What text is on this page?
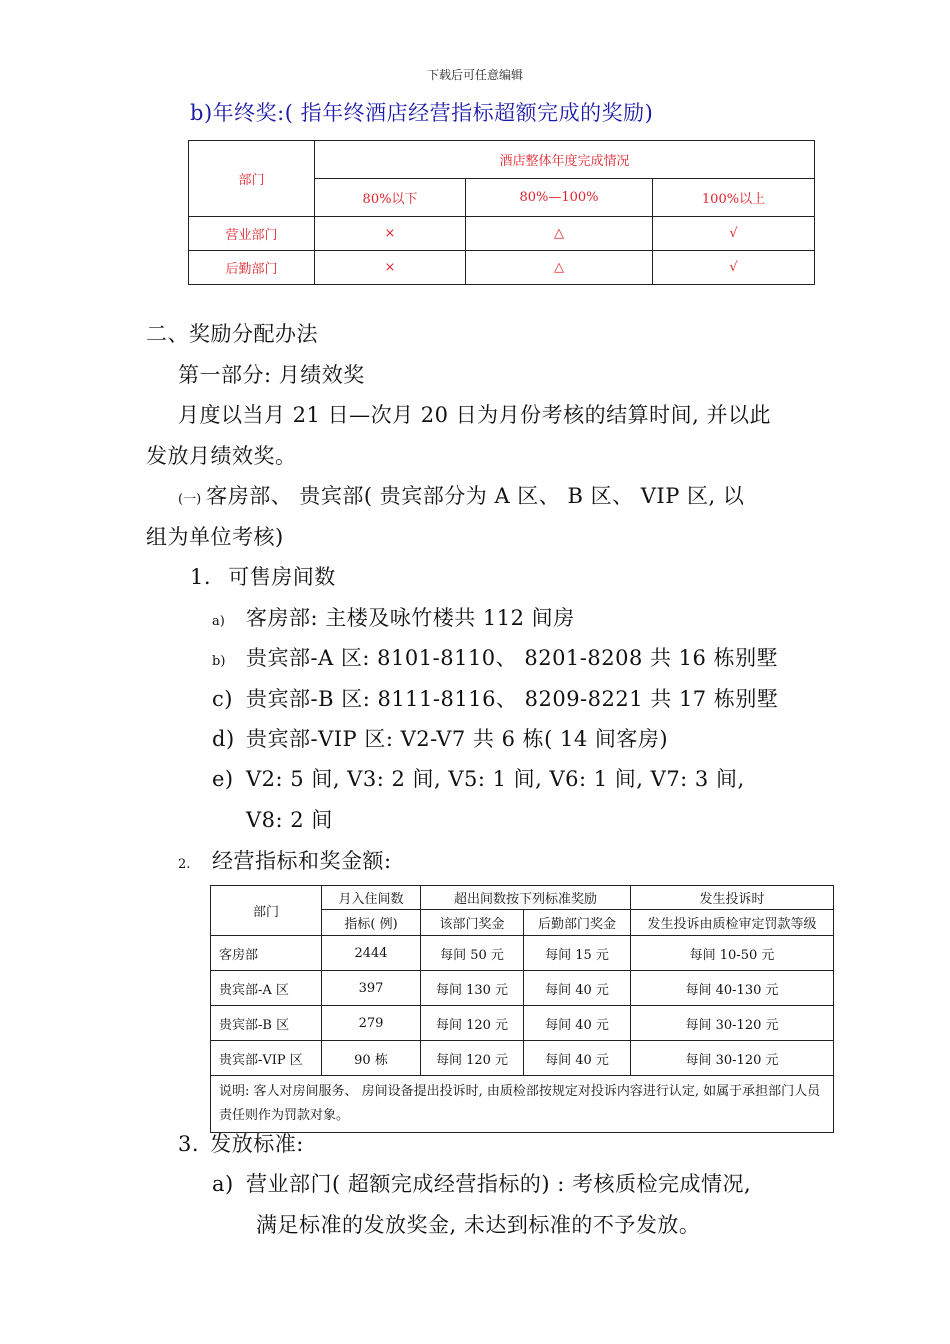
下载后可任意编辑
b)年终奖:( 指年终酒店经营指标超额完成的奖励)
部门	酒店整体年度完成情况		
	80%以下	80%—100%	100%以上
营业部门	×	△	√
后勤部门	×	△	√
二、奖励分配办法
第一部分: 月绩效奖
月度以当月 21 日—次月 20 日为月份考核的结算时间, 并以此
发放月绩效奖。
(一) 客房部、 贵宾部( 贵宾部分为 A 区、 B 区、 VIP 区, 以
组为单位考核)
1. 可售房间数
a) 客房部: 主楼及咏竹楼共 112 间房
b) 贵宾部-A 区: 8101-8110、 8201-8208 共 16 栋别墅
c) 贵宾部-B 区: 8111-8116、 8209-8221 共 17 栋别墅
d) 贵宾部-VIP 区: V2-V7 共 6 栋( 14 间客房)
e) V2: 5 间, V3: 2 间, V5: 1 间, V6: 1 间, V7: 3 间,
V8: 2 间
2. 经营指标和奖金额:
部门	月入住间数	超出间数按下列标准奖励		发生投诉时
	指标( 例)	该部门奖金	后勤部门奖金	发生投诉由质检审定罚款等级
客房部	2444	每间 50 元	每间 15 元	每间 10-50 元
贵宾部-A 区	397	每间 130 元	每间 40 元	每间 40-130 元
贵宾部-B 区	279	每间 120 元	每间 40 元	每间 30-120 元
贵宾部-VIP 区	90 栋	每间 120 元	每间 40 元	每间 30-120 元
说明: 客人对房间服务、 房间设备提出投诉时, 由质检部按规定对投诉内容进行认定, 如属于承担部门人员责任则作为罚款对象。				
3. 发放标准:
a) 营业部门( 超额完成经营指标的) : 考核质检完成情况,
满足标准的发放奖金, 未达到标准的不予发放。
